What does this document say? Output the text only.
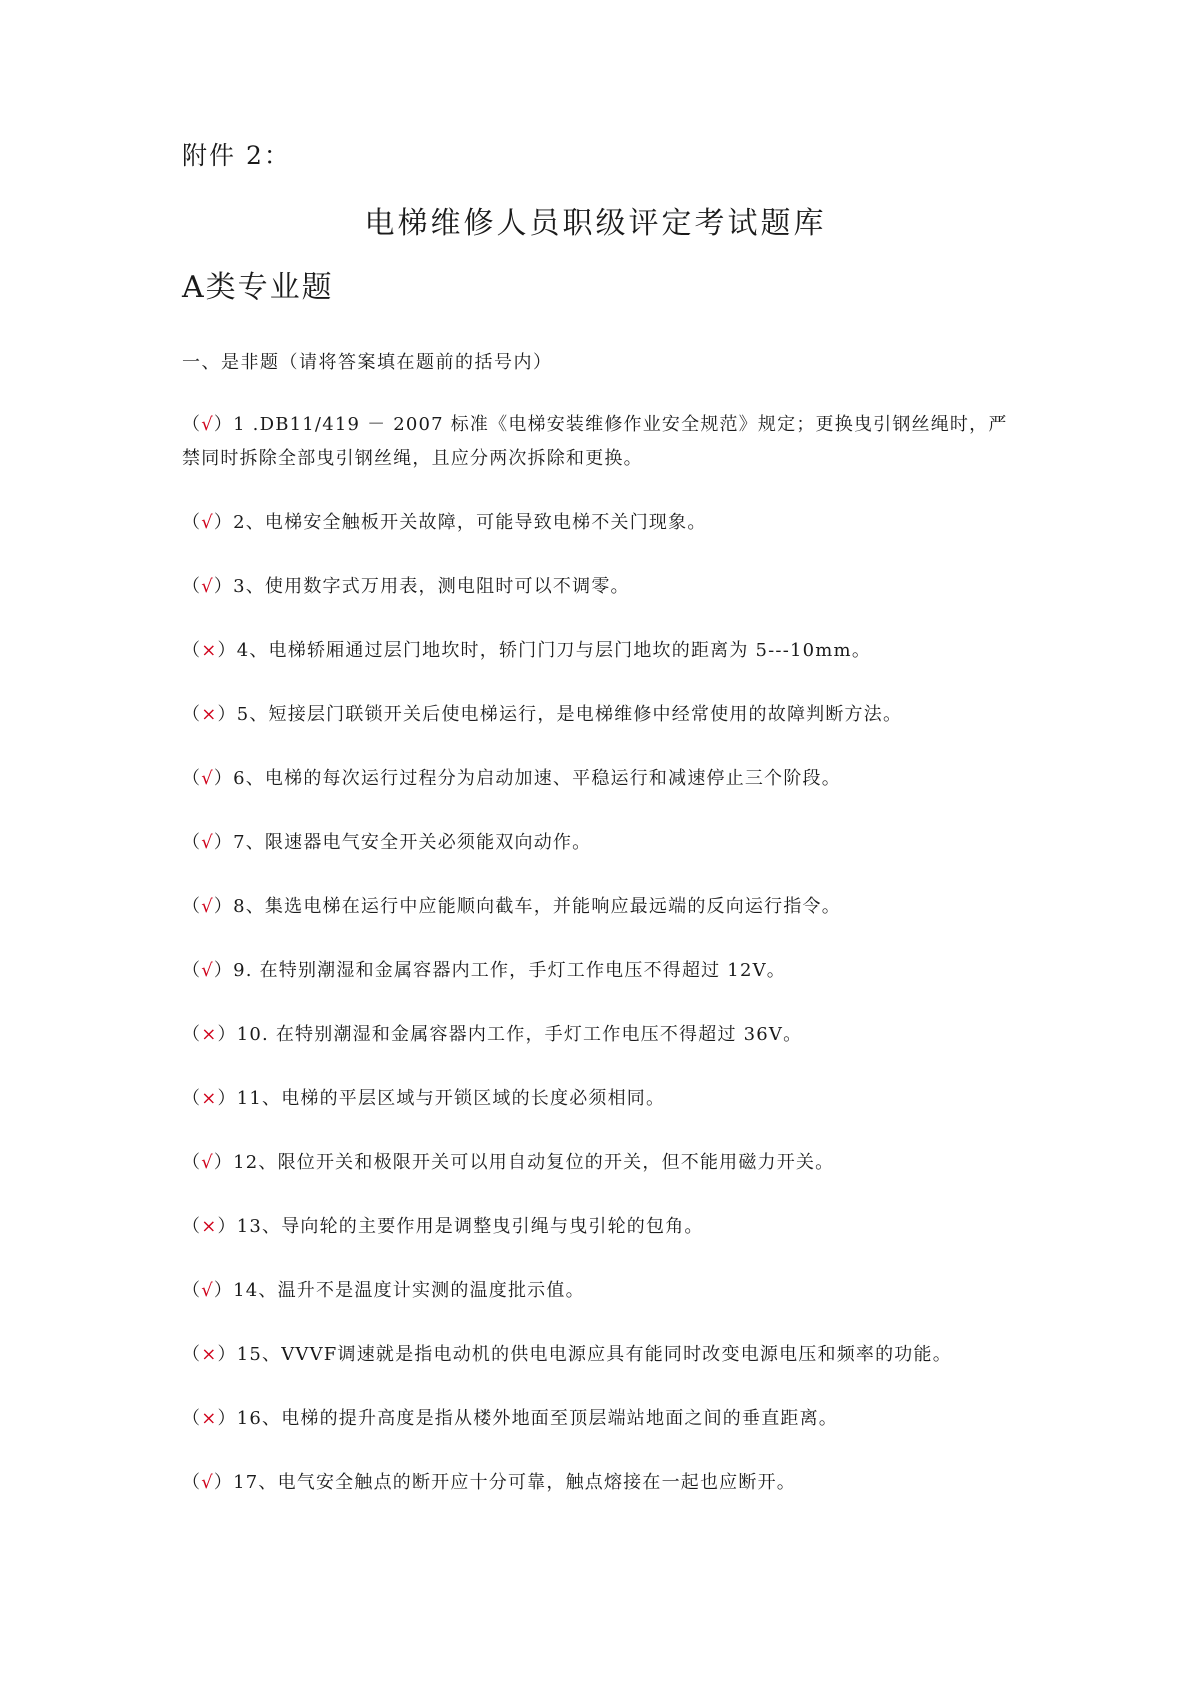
附件 2：
电梯维修人员职级评定考试题库
A类专业题
一、是非题（请将答案填在题前的括号内）
（√）1 .DB11/419 － 2007 标准《电梯安装维修作业安全规范》规定；更换曳引钢丝绳时，严禁同时拆除全部曳引钢丝绳，且应分两次拆除和更换。
（√）2、电梯安全触板开关故障，可能导致电梯不关门现象。
（√）3、使用数字式万用表，测电阻时可以不调零。
（×）4、电梯轿厢通过层门地坎时，轿门门刀与层门地坎的距离为 5---10mm。
（×）5、短接层门联锁开关后使电梯运行，是电梯维修中经常使用的故障判断方法。
（√）6、电梯的每次运行过程分为启动加速、平稳运行和减速停止三个阶段。
（√）7、限速器电气安全开关必须能双向动作。
（√）8、集选电梯在运行中应能顺向截车，并能响应最远端的反向运行指令。
（√）9. 在特别潮湿和金属容器内工作，手灯工作电压不得超过 12V。
（×）10. 在特别潮湿和金属容器内工作，手灯工作电压不得超过 36V。
（×）11、电梯的平层区域与开锁区域的长度必须相同。
（√）12、限位开关和极限开关可以用自动复位的开关，但不能用磁力开关。
（×）13、导向轮的主要作用是调整曳引绳与曳引轮的包角。
（√）14、温升不是温度计实测的温度批示值。
（×）15、VVVF调速就是指电动机的供电电源应具有能同时改变电源电压和频率的功能。
（×）16、电梯的提升高度是指从楼外地面至顶层端站地面之间的垂直距离。
（√）17、电气安全触点的断开应十分可靠，触点熔接在一起也应断开。
